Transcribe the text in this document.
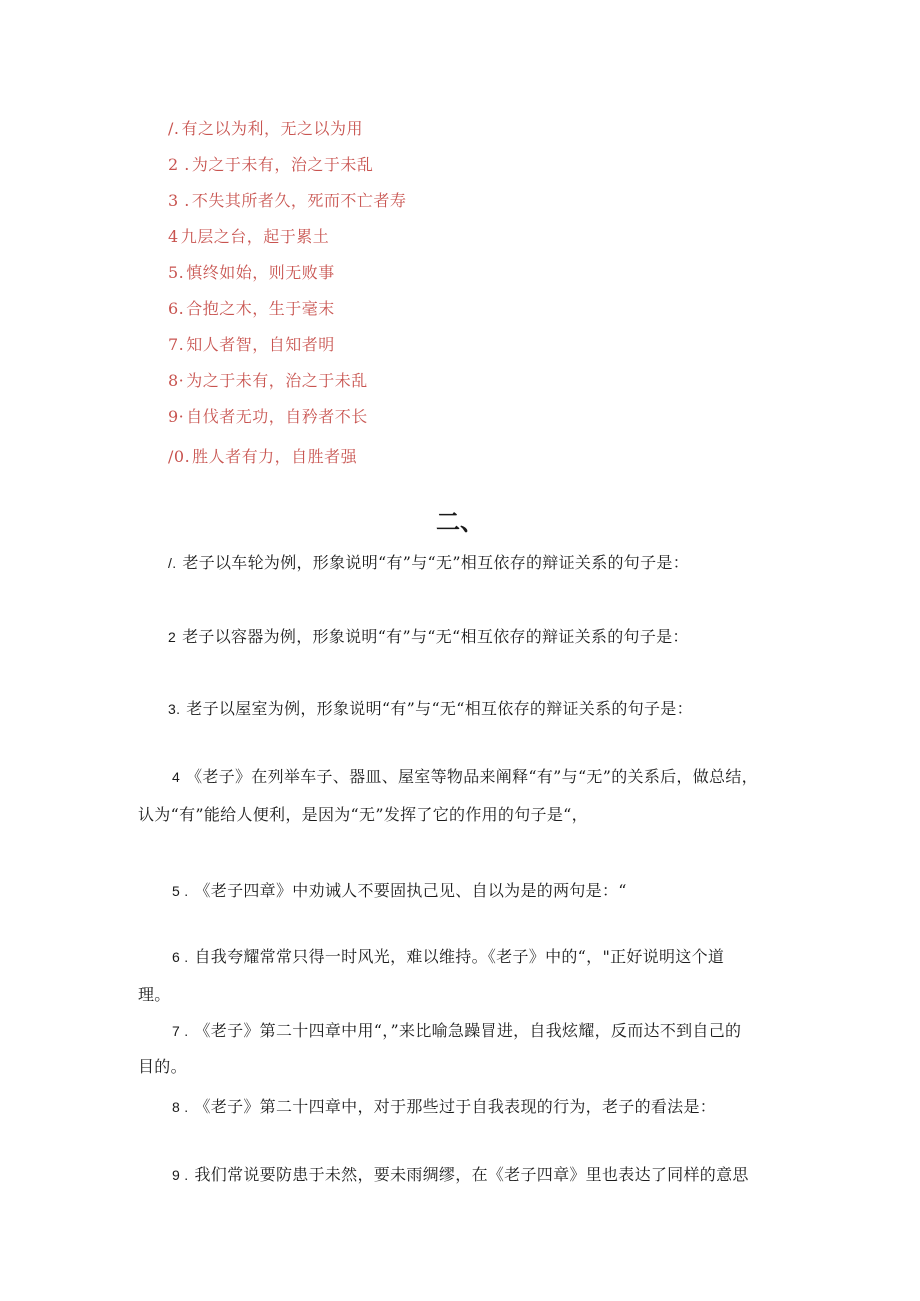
/. 有之以为利，无之以为用
2 . 为之于未有，治之于未乱
3 . 不失其所者久，死而不亡者寿
4 九层之台，起于累土
5. 慎终如始，则无败事
6. 合抱之木，生于毫末
7. 知人者智，自知者明
8· 为之于未有，治之于未乱
9· 自伐者无功，自矜者不长
/0. 胜人者有力，自胜者强
二、
/. 老子以车轮为例，形象说明“有”与“无”相互依存的辩证关系的句子是：
2 老子以容器为例，形象说明“有”与“无“相互依存的辩证关系的句子是：
3. 老子以屋室为例，形象说明“有”与“无“相互依存的辩证关系的句子是：
4 《老子》在列举车子、器皿、屋室等物品来阐释“有”与“无”的关系后，做总结，
认为“有”能给人便利，是因为“无”发挥了它的作用的句子是“，
5 . 《老子四章》中劝诫人不要固执己见、自以为是的两句是：“
6 . 自我夸耀常常只得一时风光，难以维持。《老子》中的“，"正好说明这个道
理。
7 . 《老子》第二十四章中用“，”来比喻急躁冒进，自我炫耀，反而达不到自己的
目的。
8 . 《老子》第二十四章中，对于那些过于自我表现的行为，老子的看法是：
9 . 我们常说要防患于未然，要未雨绸缪，在《老子四章》里也表达了同样的意思
